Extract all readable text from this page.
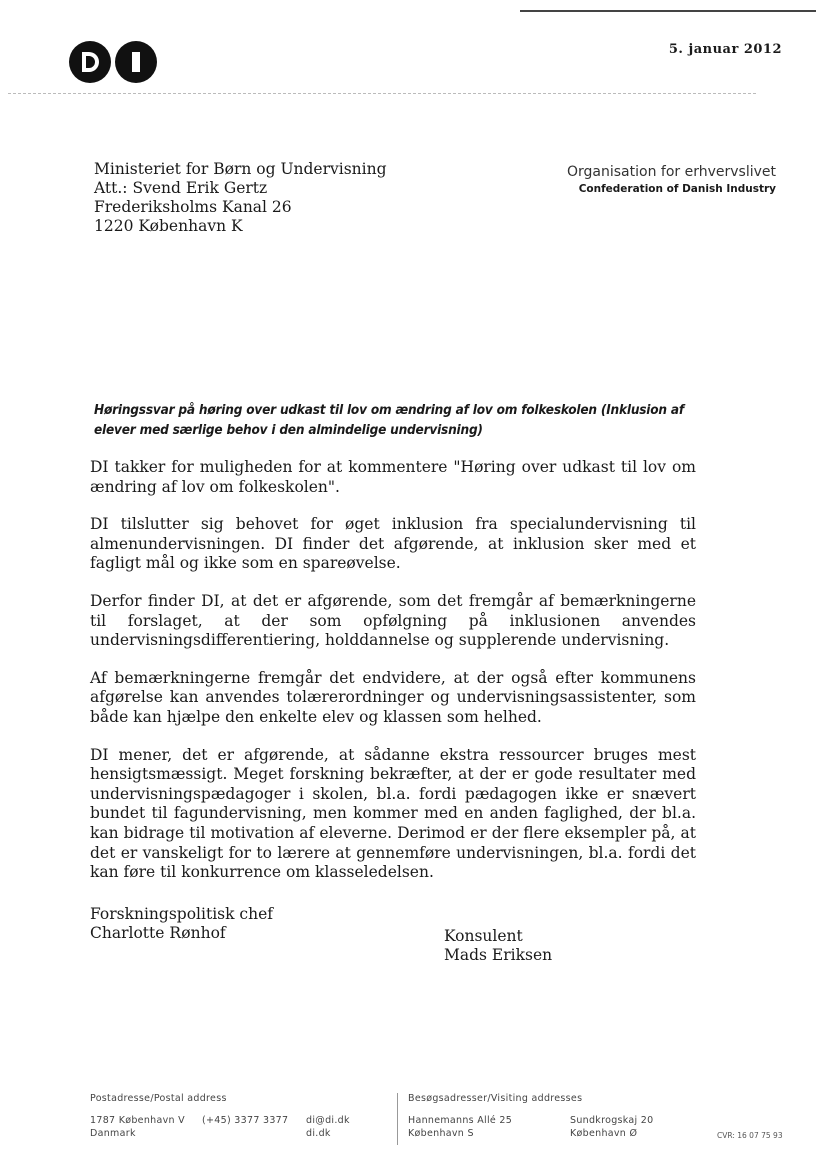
5. januar 2012
Ministeriet for Børn og Undervisning
Att.: Svend Erik Gertz
Frederiksholms Kanal 26
1220 København K
Organisation for erhvervslivet
Confederation of Danish Industry
Høringssvar på høring over udkast til lov om ændring af lov om folkeskolen (Inklusion af elever med særlige behov i den almindelige undervisning)

DI takker for muligheden for at kommentere "Høring over udkast til lov om ændring af lov om folkeskolen".

DI tilslutter sig behovet for øget inklusion fra specialundervisning til almenundervisningen. DI finder det afgørende, at inklusion sker med et fagligt mål og ikke som en spareøvelse.

Derfor finder DI, at det er afgørende, som det fremgår af bemærkningerne til forslaget, at der som opfølgning på inklusionen anvendes undervisningsdifferentiering, holddannelse og supplerende undervisning.

Af bemærkningerne fremgår det endvidere, at der også efter kommunens afgørelse kan anvendes tolærerordninger og undervisningsassistenter, som både kan hjælpe den enkelte elev og klassen som helhed.

DI mener, det er afgørende, at sådanne ekstra ressourcer bruges mest hensigtsmæssigt. Meget forskning bekræfter, at der er gode resultater med undervisningspædagoger i skolen, bl.a. fordi pædagogen ikke er snævert bundet til fagundervisning, men kommer med en anden faglighed, der bl.a. kan bidrage til motivation af eleverne. Derimod er der flere eksempler på, at det er vanskeligt for to lærere at gennemføre undervisningen, bl.a. fordi det kan føre til konkurrence om klasseledelsen.

Forskningspolitisk chef
Charlotte Rønhof	Konsulent
Mads Eriksen
Postadresse/Postal address
1787 København V
Danmark
(+45) 3377 3377 di@di.dk
di.dk
Besøgsadresser/Visiting addresses
Hannemanns Allé 25
København S
Sundkrogskaj 20
København Ø	CVR: 16 07 75 93
